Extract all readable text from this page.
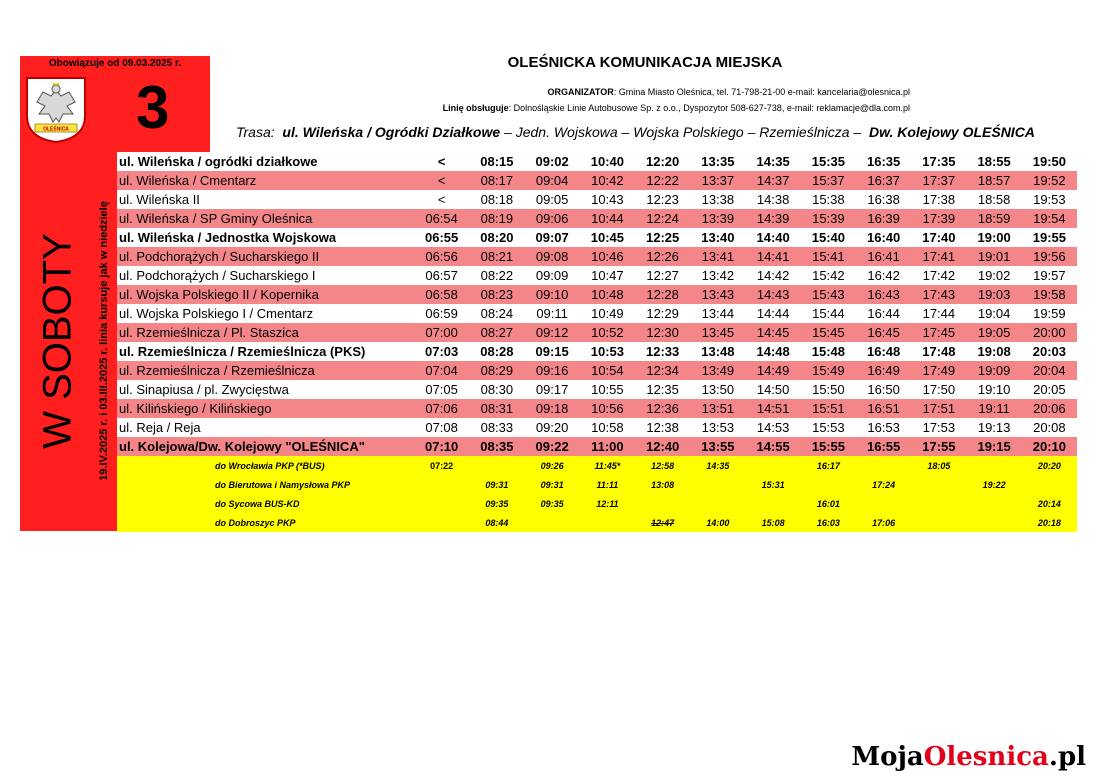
Obowiązuje od 09.03.2025 r.
OLEŚNICA 3
W SOBOTY 19.IV.2025 r. i 03.III.2025 r. linia kursuje jak w niedzielę
OLEŚNICKA KOMUNIKACJA MIEJSKA
ORGANIZATOR: Gmina Miasto Oleśnica, tel. 71-798-21-00 e-mail: kancelaria@olesnica.pl
Linię obsługuje: Dolnośląskie Linie Autobusowe Sp. z o.o., Dyspozytor 508-627-738, e-mail: reklamacje@dla.com.pl
Trasa: ul. Wileńska / Ogródki Działkowe – Jedn. Wojskowa – Wojska Polskiego – Rzemieślnicza –  Dw. Kolejowy OLEŚNICA
ul. Wileńska / ogródki działkowe	<	08:15	09:02	10:40	12:20	13:35	14:35	15:35	16:35	17:35	18:55	19:50
ul. Wileńska / Cmentarz	<	08:17	09:04	10:42	12:22	13:37	14:37	15:37	16:37	17:37	18:57	19:52
ul. Wileńska II	<	08:18	09:05	10:43	12:23	13:38	14:38	15:38	16:38	17:38	18:58	19:53
ul. Wileńska / SP Gminy Oleśnica	06:54	08:19	09:06	10:44	12:24	13:39	14:39	15:39	16:39	17:39	18:59	19:54
ul. Wileńska / Jednostka Wojskowa	06:55	08:20	09:07	10:45	12:25	13:40	14:40	15:40	16:40	17:40	19:00	19:55
ul. Podchorążych / Sucharskiego II	06:56	08:21	09:08	10:46	12:26	13:41	14:41	15:41	16:41	17:41	19:01	19:56
ul. Podchorążych / Sucharskiego I	06:57	08:22	09:09	10:47	12:27	13:42	14:42	15:42	16:42	17:42	19:02	19:57
ul. Wojska Polskiego II / Kopernika	06:58	08:23	09:10	10:48	12:28	13:43	14:43	15:43	16:43	17:43	19:03	19:58
ul. Wojska Polskiego I / Cmentarz	06:59	08:24	09:11	10:49	12:29	13:44	14:44	15:44	16:44	17:44	19:04	19:59
ul. Rzemieślnicza / Pl. Staszica	07:00	08:27	09:12	10:52	12:30	13:45	14:45	15:45	16:45	17:45	19:05	20:00
ul. Rzemieślnicza / Rzemieślnicza (PKS)	07:03	08:28	09:15	10:53	12:33	13:48	14:48	15:48	16:48	17:48	19:08	20:03
ul. Rzemieślnicza / Rzemieślnicza	07:04	08:29	09:16	10:54	12:34	13:49	14:49	15:49	16:49	17:49	19:09	20:04
ul. Sinapiusa / pl. Zwycięstwa	07:05	08:30	09:17	10:55	12:35	13:50	14:50	15:50	16:50	17:50	19:10	20:05
ul. Kilińskiego / Kilińskiego	07:06	08:31	09:18	10:56	12:36	13:51	14:51	15:51	16:51	17:51	19:11	20:06
ul. Reja / Reja	07:08	08:33	09:20	10:58	12:38	13:53	14:53	15:53	16:53	17:53	19:13	20:08
ul. Kolejowa/Dw. Kolejowy "OLEŚNICA"	07:10	08:35	09:22	11:00	12:40	13:55	14:55	15:55	16:55	17:55	19:15	20:10
do Wrocławia PKP (*BUS)	07:22		09:26	11:45*	12:58	14:35		16:17		18:05		20:20
do Bierutowa i Namysłowa PKP		09:31	09:31	11:11	13:08		15:31		17:24		19:22	
do Sycowa BUS-KD		09:35	09:35	12:11				16:01				20:14
do Dobroszyc PKP		08:44			12:47	14:00	15:08	16:03	17:06			20:18
MojaOlesnica.pl
